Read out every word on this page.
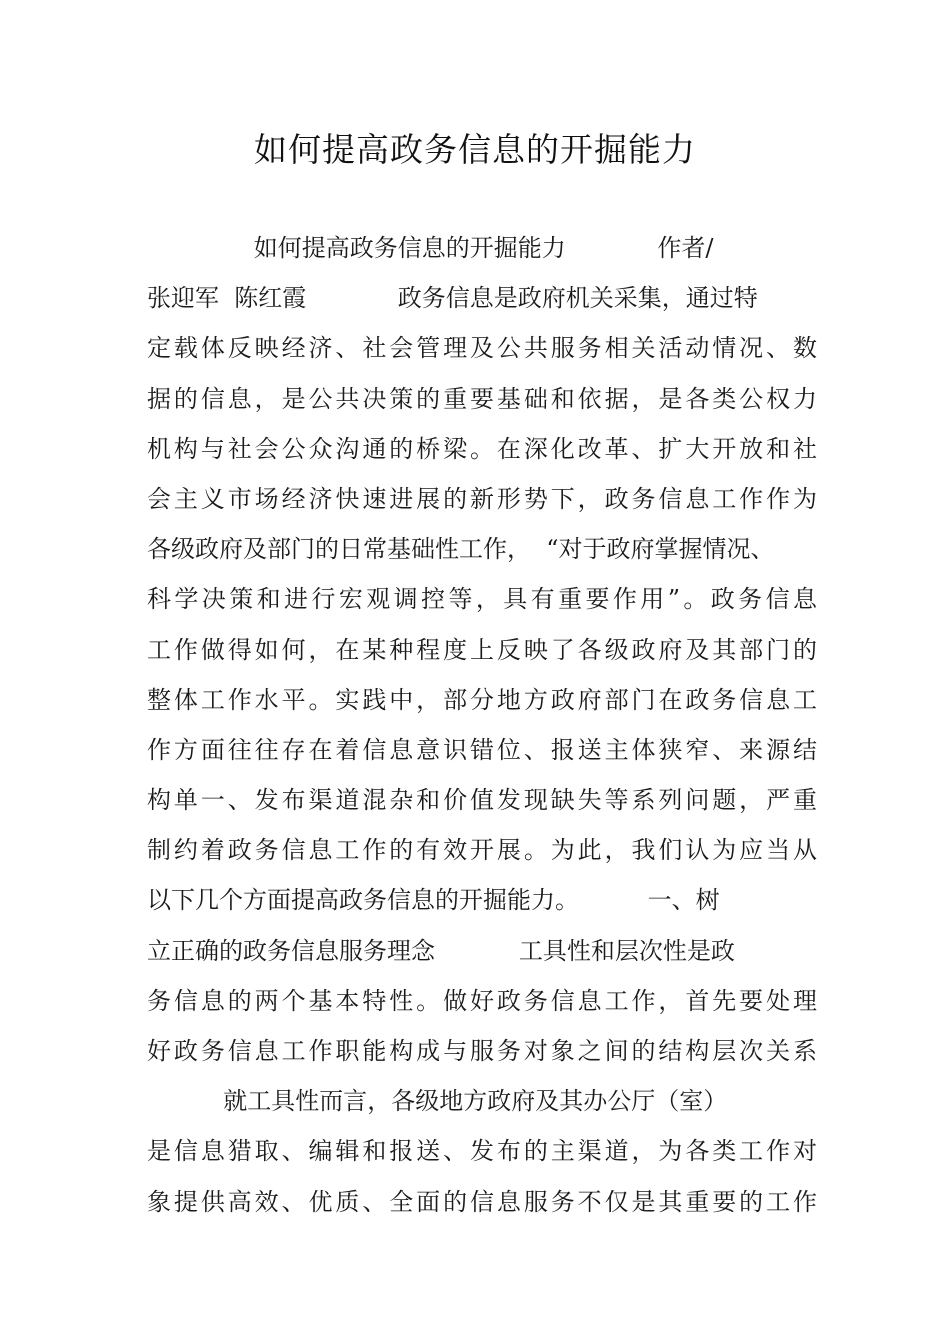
如何提高政务信息的开掘能力
如何提高政务信息的开掘能力            作者/
张迎军  陈红霞            政务信息是政府机关采集，通过特
定载体反映经济、社会管理及公共服务相关活动情况、数
据的信息，是公共决策的重要基础和依据，是各类公权力
机构与社会公众沟通的桥梁。在深化改革、扩大开放和社
会主义市场经济快速进展的新形势下，政务信息工作作为
各级政府及部门的日常基础性工作，  “对于政府掌握情况、
科学决策和进行宏观调控等，具有重要作用”。政务信息
工作做得如何，在某种程度上反映了各级政府及其部门的
整体工作水平。实践中，部分地方政府部门在政务信息工
作方面往往存在着信息意识错位、报送主体狭窄、来源结
构单一、发布渠道混杂和价值发现缺失等系列问题，严重
制约着政务信息工作的有效开展。为此，我们认为应当从
以下几个方面提高政务信息的开掘能力。         一、树
立正确的政务信息服务理念           工具性和层次性是政
务信息的两个基本特性。做好政务信息工作，首先要处理
好政务信息工作职能构成与服务对象之间的结构层次关系
就工具性而言，各级地方政府及其办公厅（室）
是信息猎取、编辑和报送、发布的主渠道，为各类工作对
象提供高效、优质、全面的信息服务不仅是其重要的工作
